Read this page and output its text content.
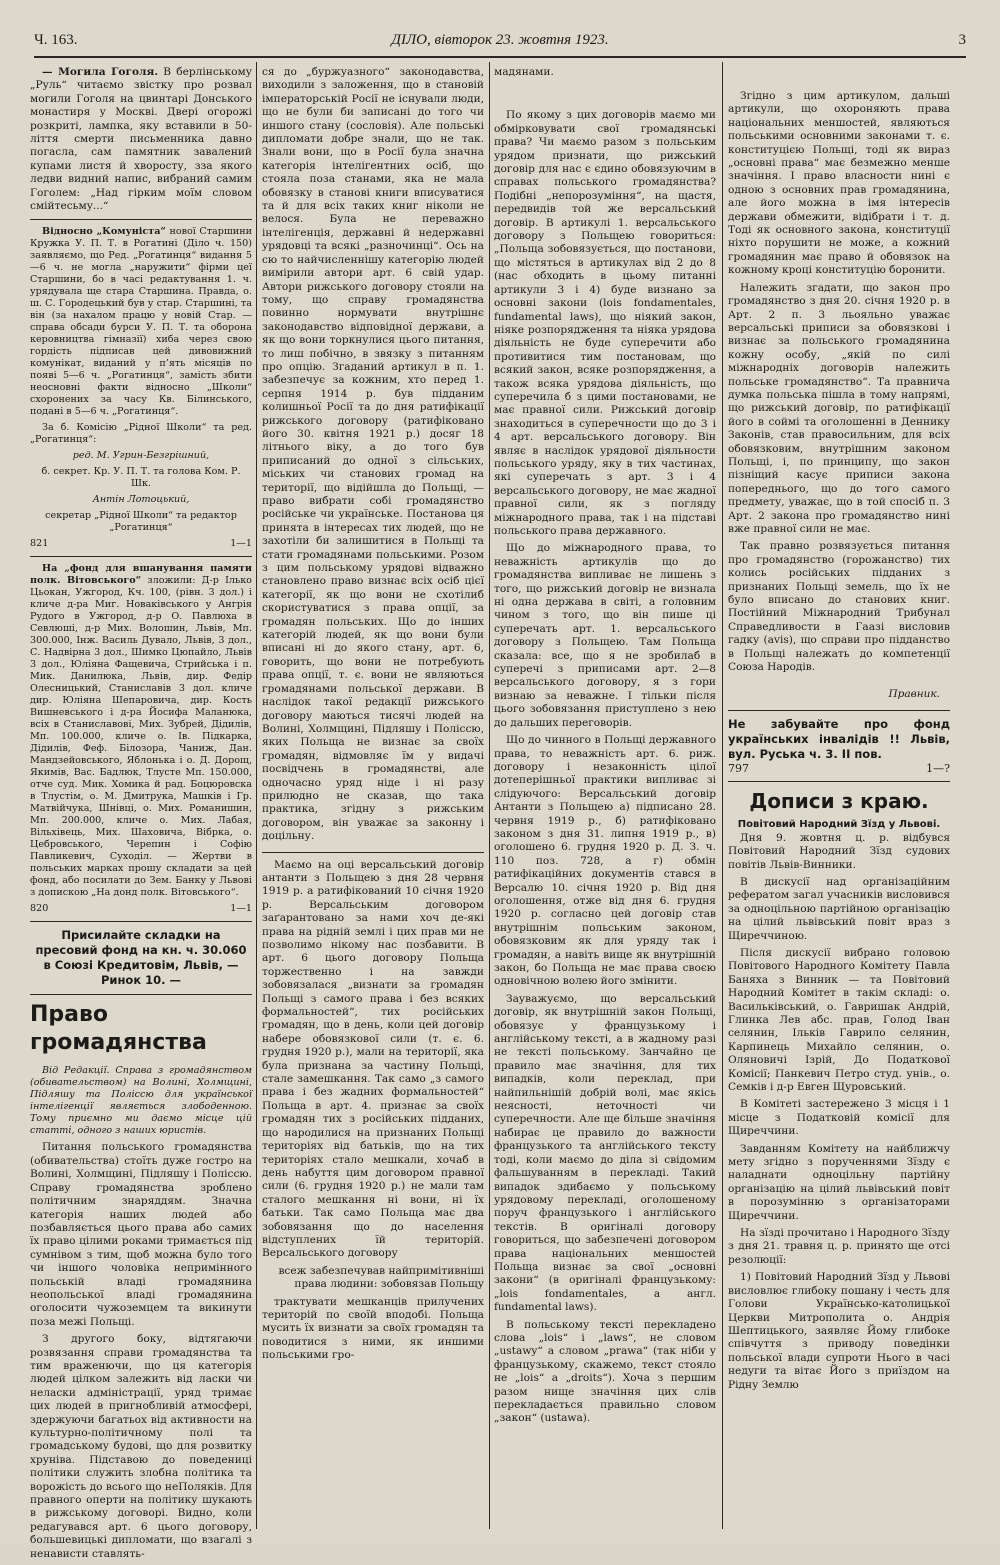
Ч. 163.	ДІЛО, вівторок 23. жовтня 1923.	3

— Могила Гоголя. В берлінському „Руль“ читаємо звістку про розвал могили Гоголя на цвинтарі Донського монастиря у Москві. Двері огорожі розкриті, лампка, яку вставили в 50-ліття смерти письменника давно погасла, сам памятник завалений купами листя й хворосту, зза якого ледви видний напис, вибраний самим Гоголем: „Над гірким моїм словом смійтесьму...“

Відносно „Комуніста“ нової Старшини Кружка У. П. Т. в Рогатині (Діло ч. 150) заявляємо, що Ред. „Рогатинця“ видання 5—6 ч. не могла „наружити“ фірми цеї Старшини, бо в часі редактування 1. ч. урядувала ще стара Старшина. Правда, о. ш. С. Городецький був у стар. Старшині, та він (за нахалом працю у новій Стар. — справа обсади бурси У. П. Т. та оборона керовництва гімназії) хиба через свою гордість підписав цей дивовижний комунікат, виданий у п’ять місяців по появі 5—6 ч. „Рогатинця“, замість збити неосновні факти відносно „Школи“ схоронених за часу Кв. Білинського, подані в 5—6 ч. „Рогатинця“.

За б. Комісію „Рідної Школи“ та ред. „Рогатинця“:

ред. М. Угрин-Безгрішний,

б. секрет. Кр. У. П. Т. та голова Ком. Р. Шк.

Антін Лотоцький,

секретар „Рідної Школи“ та редактор „Рогатинця“

821	1—1

На „фонд для вшанування памяти полк. Вітовського“ зложили: Д-р Ілько Цьокан, Ужгород, Кч. 100, (рівн. 3 дол.) і кличе д-ра Миг. Новаківського у Ангрія Рудого в Ужгород, д-р О. Павлюха в Севлюші, д-р Мих. Волошин, Львів, Мп. 300.000, Інж. Василь Дувало, Львів, 3 дол., С. Надвірна 3 дол., Шимко Цюпайло, Львів 3 дол., Юліяна Фащевича, Стрийська і п. Мик. Данилюка, Львів, дир. Федір Олесницький, Станиславів 3 дол. кличе дир. Юліяна Шепаровича, дир. Кость Вишневського і д-ра Йосифа Маланюка, всіх в Станиславові, Мих. Зубрей, Дідилів, Мп. 100.000, кличе о. Ів. Підкарка, Дідилів, Феф. Білозора, Чаниж, Дан. Мандзейовського, Яблонька і о. Д. Дорощ, Якимів, Вас. Бадлюк, Тлусте Мп. 150.000, отче суд. Мик. Хомика й рад. Боцюровска в Тлустім, о. М. Дмитрука, Машків і Гр. Матвійчука, Шнівці, о. Мих. Романишин, Мп. 200.000, кличе о. Мих. Лабая, Вільхівець, Мих. Шаховича, Вібрка, о. Цебровського, Черепин і Софію Павликевич, Суходіл. — Жертви в польських марках прошу складати за цей фонд, або посилати до Зем. Банку у Львові з допискою „На донд полк. Вітовського“.

820	1—1
Присилайте складки на пресовий фонд на кн. ч. 30.060 в Союзі Кредитовім, Львів, — Ринок 10. —
Право громадянства

Від Редакції. Справа з громадянством (обивательством) на Волині, Холмщині, Підляшу та Поліссю для української інтелігенції являється злободенною. Тому приємно ми даємо місце цій статті, одного з наших юристів.

Питання польського громадянства (обивательства) стоїть дуже гостро на Волині, Холмщині, Підляшу і Поліссю. Справу громадянства зроблено політичним знаряддям. Значна категорія наших людей або позбавляється цього права або самих їх право цілими роками тримається під сумнівом з тим, щоб можна було того чи іншого чоловіка непримінного польській владі громадянина неопольської владі громадянина оголосити чужоземцем та викинути поза межі Польщі.

З другого боку, відтягаючи розвязання справи громадянства та тим враженючи, що ця категорія людей цілком залежить від ласки чи неласки адміністрації, уряд тримає цих людей в пригнобливій атмосфері, здержуючи багатьох від активности на культурно-політичному полі та громадському будові, що для розвитку хруніва. Підставою до поведениці політики служить злобна політика та ворожість до всього що неПоляків. Для правного оперти на політику шукають в рижському договорі. Видно, коли редагувався арт. 6 цього договору, большевицькі дипломати, що взагалі з ненависти ставлять-

ся до „буржуазного“ законодавства, виходили з заложення, що в становій імператорській Росії не існували люди, що не були би записані до того чи иншого стану (сословія). Але польські дипломати добре знали, що не так. Знали вони, що в Росії була значна категорія інтелігентних осіб, що стояла поза станами, яка не мала обовязку в станові книги вписуватися та й для всіх таких книг ніколи не велося. Була не переважно інтелігенція, державні й недержавні урядовці та всякі „разночинці“. Ось на сю то найчисленнішу категорію людей вимірили автори арт. 6 свій удар. Автори рижського договору стояли на тому, що справу громадянства повинно нормувати внутрішнє законодавство відповідної держави, а як що вони торкнулися цього питання, то лиш побічно, в звязку з питанням про опцію. Згаданий артикул в п. 1. забезпечує за кожним, хто перед 1. серпня 1914 р. був підданим колишньої Росії та до дня ратифікації рижського договору (ратифіковано його 30. квітня 1921 р.) досяг 18 літнього віку, а до того був приписаний до одної з сільських, міських чи станових громад на території, що відійшла до Польщі, — право вибрати собі громадянство російське чи українське. Постанова ця принята в інтересах тих людей, що не захотіли би залишитися в Польщі та стати громадянами польськими. Розом з цим польському урядові відважно становлено право визнає всіх осіб цієї категорії, як що вони не схотілиб скористуватися з права опції, за громадян польських. Що до інших категорій людей, як що вони були вписані ні до якого стану, арт. 6, говорить, що вони не потребують права опції, т. є. вони не являються громадянами польської держави. В наслідок такої редакції рижського договору маються тисячі людей на Волині, Холмщині, Підляшу і Поліссю, яких Польща не визнає за своїх громадян, відмовляє їм у видачі посвідчень в громадянстві, але одночасно уряд ніде і ні разу прилюдно не сказав, що така практика, згідну з рижським договором, він уважає за законну і доцільну.

Маємо на оці версальський договір антанти з Польщею з дня 28 червня 1919 р. а ратифікований 10 січня 1920 р. Версальським договором заґарантовано за нами хоч де-які права на рідній землі і цих прав ми не позволимо нікому нас позбавити. В арт. 6 цього договору Польща торжественно і на завжди зобовязалася „визнати за громадян Польщі з самого права і без всяких формальностей“, тих російських громадян, що в день, коли цей договір набере обовязкової сили (т. є. 6. грудня 1920 р.), мали на території, яка була признана за частину Польщі, стале замешкання. Так само „з самого права і без жадних формальностей“ Польща в арт. 4. признає за своїх громадян тих з російських підданих, що народилися на признаних Польщі територіях від батьків, що на тих територіях стало мешкали, хочаб в день набуття цим договором правної сили (6. грудня 1920 р.) не мали там сталого мешкання ні вони, ні їх батьки. Так само Польща має два зобовязання що до населення відступлених їй територій. Версальського договору

всеж забезпечував найпримітивніші права людини: зобовязав Польщу

трактувати мешканців прилучених територій по своїй вподобі. Польща мусить їх визнати за своїх громадян та поводитися з ними, як иншими польськими гро-

мадянами.

По якому з цих договорів маємо ми обмірковувати свої громадянські права? Чи маємо разом з польським урядом признати, що рижський договір для нас є єдино обовязуючим в справах польського громадянства? Подібні „непорозуміння“, на щастя, передвидів той же версальський договір. В артикулі 1. версальського договору з Польщею говориться: „Польща зобовязується, що постанови, що містяться в артикулах від 2 до 8 (нас обходить в цьому питанні артикули 3 і 4) буде визнано за основні закони (lois fondamentales, fundamental laws), що ніякий закон, ніяке розпорядження та ніяка урядова діяльність не буде суперечити або противитися тим постановам, що всякий закон, всяке розпорядження, а також всяка урядова діяльність, що суперечила б з цими постановами, не має правної сили. Рижський договір знаходиться в суперечности що до 3 і 4 арт. версальського договору. Він являє в наслідок урядової діяльности польського уряду, яку в тих частинах, які суперечать з арт. 3 і 4 версальського договору, не має жадної правної сили, як з погляду міжнародного права, так і на підставі польського права державного.

Що до міжнародного права, то неважність артикулів що до громадянства випливає не лишень з того, що рижський договір не визнала ні одна держава в світі, а головним чином з того, що він пише ці суперечать арт. 1. версальського договору з Польщею. Там Польща сказала: все, що я не зробилаб в суперечі з приписами арт. 2—8 версальського договору, я з гори визнаю за неважне. І тільки після цього зобовязання приступлено з нею до дальших переговорів.

Що до чинного в Польщі державного права, то неважність арт. 6. риж. договору і незаконність цілої дотеперішньої практики випливає зі слідуючого: Версальський договір Антанти з Польщею а) підписано 28. червня 1919 р., б) ратифіковано законом з дня 31. липня 1919 р., в) оголошено 6. грудня 1920 р. Д. З. ч. 110 поз. 728, а г) обмін ратифікаційних документів стався в Версалю 10. січня 1920 р. Від дня оголошення, отже від дня 6. грудня 1920 р. согласно цей договір став внутрішнім польським законом, обовязковим як для уряду так і громадян, а навіть вище як внутрішній закон, бо Польща не має права своєю одновічною волею його змінити.

Зауважуємо, що версальський договір, як внутрішній закон Польщі, обовязує у французькому і англійському тексті, а в жадному разі не тексті польському. Занчайно це правило має значіння, для тих випадків, коли переклад, при найпильнішій добрій волі, має якісь неясності, неточності чи суперечности. Але ще більше значіння набирає це правило до важности французького та англійського тексту тоді, коли маємо до діла зі свідомим фальшуванням в перекладі. Такий випадок здибаємо у польському урядовому перекладі, оголошеному поруч французького і англійського текстів. В оригіналі договору говориться, що забезпечені договором права національних меншостей Польща визнає за свої „основні закони“ (в оригіналі французькому: „lois fondamentales, а англ. fundamental laws).

В польському тексті перекладено слова „lois“ і „laws“, не словом „ustawy“ а словом „prawa“ (так ніби у французькому, скажемо, текст стояло не „lois“ а „droits“). Хоча з першим разом нище значіння цих слів перекладається правильно словом „закон“ (ustawa).

Згідно з цим артикулом, дальші артикули, що охороняють права національних меншостей, являються польськими основними законами т. є. конституцією Польщі, тоді як вираз „основні права“ має безмежно менше значіння. І право власности нині є одною з основних прав громадянина, але його можна в імя інтересів держави обмежити, відібрати і т. д. Тоді як основного закона, конституції ніхто порушити не може, а кожний громадянин має право й обовязок на кожному кроці конституцію боронити.

Належить згадати, що закон про громадянство з дня 20. січня 1920 р. в Арт. 2 п. 3 льояльно уважає версальські приписи за обовязкові і визнає за польського громадянина кожну особу, „якій по силі міжнародніх договорів належить польське громадянство“. Та правнича думка польська пішла в тому напрямі, що рижський договір, по ратифікації його в соймі та оголошенні в Деннику Законів, став правосильним, для всіх обовязковим, внутрішним законом Польщі, і, по принципу, що закон пізніщий касує приписи закона попереднього, що до того самого предмету, уважає, що в той спосіб п. 3 Арт. 2 закона про громадянство нині вже правної сили не має.

Так правно розвязується питання про громадянство (горожанство) тих колись російських підданих з признаних Польщі земель, що їх не було вписано до станових книг. Постійний Міжнародний Трибунал Справедливости в Гаазі висловив гадку (avis), що справи про підданство в Польщі належать до компетенції Союза Народів.

Правник.
Не забувайте про фонд українських інвалідів !! Львів, вул. Руська ч. 3. II пов.
797	1—?
Дописи з краю.
Повітовий Народний Зїзд у Львові.

Дня 9. жовтня ц. р. відбувся Повітовий Народний Зїзд судових повітів Львів-Винники.

В дискусії над організаційним рефератом загал учасників висловився за одноцільною партійною організацію на цілий львівський повіт враз з Щиреччиною.

Після дискусії вибрано головою Повітового Народного Комітету Павла Баняха з Винник — та Повітовий Народний Комітет в такім складі: о. Васильківський, о. Гавришак Андрій, Глинка Лев абс. прав, Голод Іван селянин, Ільків Гаврило селянин, Карпинець Михайло селянин, о. Оляновичі Ізрій, До Податкової Комісії; Панкевич Петро студ. унів., о. Семків і д-р Евген Щуровський.

В Комітеті застережено 3 місця і 1 місце з Податковій комісії для Щиреччини.

Завданням Комітету на найближчу мету згідно з порученнями Зїзду є наладнати одноцільну партійну організацію на цілий львівський повіт в порозумінню з організаторами Щиреччини.

На зїзді прочитано і Народного Зїзду з дня 21. травня ц. р. принято ще отсі резолюції:

1) Повітовий Народний Зїзд у Львові висловлює глибоку пошану і честь для Голови Українсько-католицької Церкви Митрополита о. Андрія Шептицького, заявляє Йому глибоке співчуття з приводу поведінки польської влади супроти Нього в часі недуги та вітає Його з приїздом на Рідну Землю
